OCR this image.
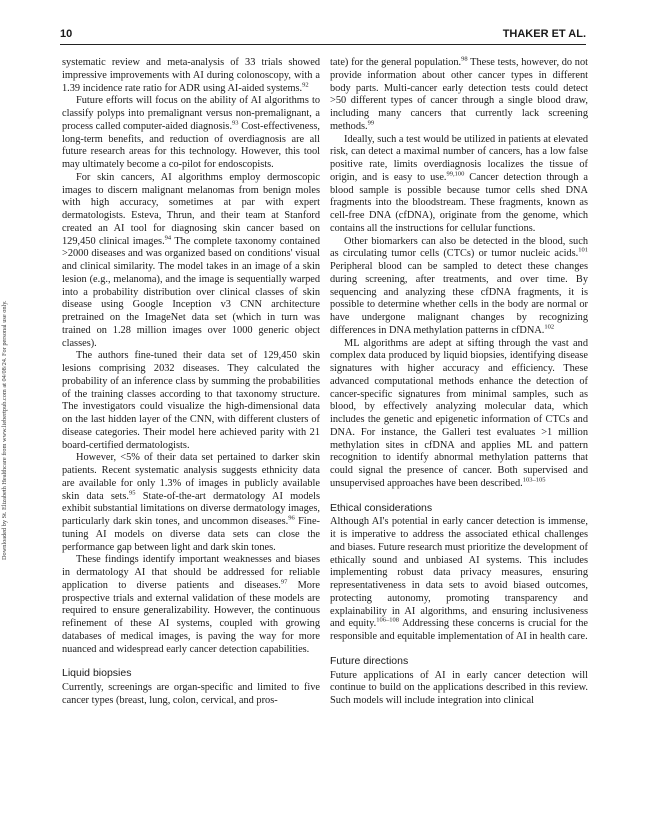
10	THAKER ET AL.
Downloaded by St. Elizabeth Healthcare from www.liebertpub.com at 04/08/24. For personal use only.

systematic review and meta-analysis of 33 trials showed impressive improvements with AI during colonoscopy, with a 1.39 incidence rate ratio for ADR using AI-aided systems.$^{92}$

Future efforts will focus on the ability of AI algorithms to classify polyps into premalignant versus non-premalignant, a process called computer-aided diagnosis.$^{93}$ Cost-effectiveness, long-term benefits, and reduction of overdiagnosis are all future research areas for this technology. However, this tool may ultimately become a co-pilot for endoscopists.

For skin cancers, AI algorithms employ dermoscopic images to discern malignant melanomas from benign moles with high accuracy, sometimes at par with expert dermatologists. Esteva, Thrun, and their team at Stanford created an AI tool for diagnosing skin cancer based on 129,450 clinical images.$^{94}$ The complete taxonomy contained >2000 diseases and was organized based on conditions' visual and clinical similarity. The model takes in an image of a skin lesion (e.g., melanoma), and the image is sequentially warped into a probability distribution over clinical classes of skin disease using Google Inception v3 CNN architecture pretrained on the ImageNet data set (which in turn was trained on 1.28 million images over 1000 generic object classes).

The authors fine-tuned their data set of 129,450 skin lesions comprising 2032 diseases. They calculated the probability of an inference class by summing the probabilities of the training classes according to that taxonomy structure. The investigators could visualize the high-dimensional data on the last hidden layer of the CNN, with different clusters of disease categories. Their model here achieved parity with 21 board-certified dermatologists.

However, <5% of their data set pertained to darker skin patients. Recent systematic analysis suggests ethnicity data are available for only 1.3% of images in publicly available skin data sets.$^{95}$ State-of-the-art dermatology AI models exhibit substantial limitations on diverse dermatology images, particularly dark skin tones, and uncommon diseases.$^{96}$ Fine-tuning AI models on diverse data sets can close the performance gap between light and dark skin tones.

These findings identify important weaknesses and biases in dermatology AI that should be addressed for reliable application to diverse patients and diseases.$^{97}$ More prospective trials and external validation of these models are required to ensure generalizability. However, the continuous refinement of these AI systems, coupled with growing databases of medical images, is paving the way for more nuanced and widespread early cancer detection capabilities.

Liquid biopsies

Currently, screenings are organ-specific and limited to five cancer types (breast, lung, colon, cervical, and pros-

tate) for the general population.$^{98}$ These tests, however, do not provide information about other cancer types in different body parts. Multi-cancer early detection tests could detect >50 different types of cancer through a single blood draw, including many cancers that currently lack screening methods.$^{99}$

Ideally, such a test would be utilized in patients at elevated risk, can detect a maximal number of cancers, has a low false positive rate, limits overdiagnosis localizes the tissue of origin, and is easy to use.$^{99,100}$ Cancer detection through a blood sample is possible because tumor cells shed DNA fragments into the bloodstream. These fragments, known as cell-free DNA (cfDNA), originate from the genome, which contains all the instructions for cellular functions.

Other biomarkers can also be detected in the blood, such as circulating tumor cells (CTCs) or tumor nucleic acids.$^{101}$ Peripheral blood can be sampled to detect these changes during screening, after treatments, and over time. By sequencing and analyzing these cfDNA fragments, it is possible to determine whether cells in the body are normal or have undergone malignant changes by recognizing differences in DNA methylation patterns in cfDNA.$^{102}$

ML algorithms are adept at sifting through the vast and complex data produced by liquid biopsies, identifying disease signatures with higher accuracy and efficiency. These advanced computational methods enhance the detection of cancer-specific signatures from minimal samples, such as blood, by effectively analyzing molecular data, which includes the genetic and epigenetic information of CTCs and DNA. For instance, the Galleri test evaluates >1 million methylation sites in cfDNA and applies ML and pattern recognition to identify abnormal methylation patterns that could signal the presence of cancer. Both supervised and unsupervised approaches have been described.$^{103-105}$

Ethical considerations

Although AI's potential in early cancer detection is immense, it is imperative to address the associated ethical challenges and biases. Future research must prioritize the development of ethically sound and unbiased AI systems. This includes implementing robust data privacy measures, ensuring representativeness in data sets to avoid biased outcomes, protecting autonomy, promoting transparency and explainability in AI algorithms, and ensuring inclusiveness and equity.$^{106-108}$ Addressing these concerns is crucial for the responsible and equitable implementation of AI in health care.

Future directions

Future applications of AI in early cancer detection will continue to build on the applications described in this review. Such models will include integration into clinical
